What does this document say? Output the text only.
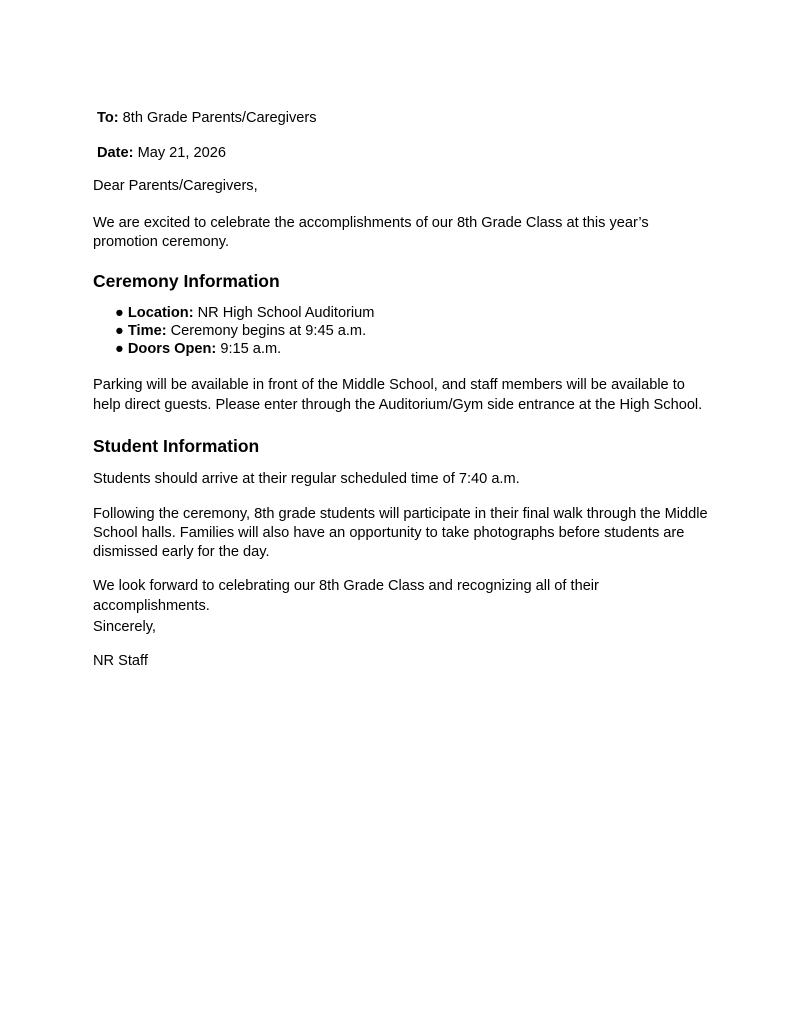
To: 8th Grade Parents/Caregivers
Date: May 21, 2026
Dear Parents/Caregivers,
We are excited to celebrate the accomplishments of our 8th Grade Class at this year’s
promotion ceremony.
Ceremony Information
● Location: NR High School Auditorium
● Time: Ceremony begins at 9:45 a.m.
● Doors Open: 9:15 a.m.
Parking will be available in front of the Middle School, and staff members will be available to
help direct guests. Please enter through the Auditorium/Gym side entrance at the High School.
Student Information
Students should arrive at their regular scheduled time of 7:40 a.m.
Following the ceremony, 8th grade students will participate in their final walk through the Middle
School halls. Families will also have an opportunity to take photographs before students are
dismissed early for the day.
We look forward to celebrating our 8th Grade Class and recognizing all of their
accomplishments.
Sincerely,
NR Staff
